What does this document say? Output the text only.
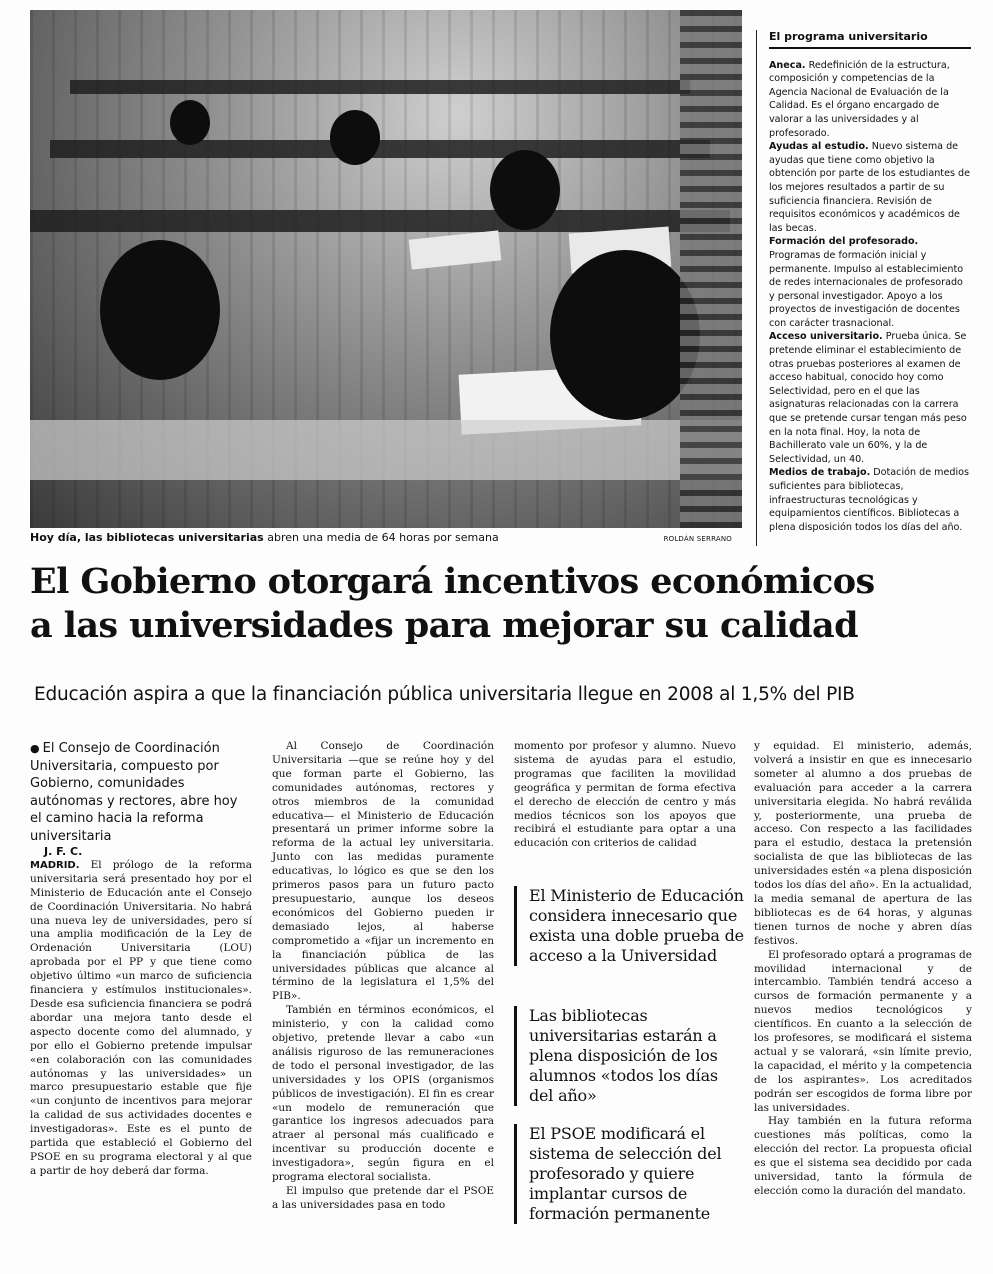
Hoy día, las bibliotecas universitarias abren una media de 64 horas por semana	ROLDÁN SERRANO
El programa universitario

Aneca. Redefinición de la estructura, composición y competencias de la Agencia Nacional de Evaluación de la Calidad. Es el órgano encargado de valorar a las universidades y al profesorado.

Ayudas al estudio. Nuevo sistema de ayudas que tiene como objetivo la obtención por parte de los estudiantes de los mejores resultados a partir de su suficiencia financiera. Revisión de requisitos económicos y académicos de las becas.

Formación del profesorado. Programas de formación inicial y permanente. Impulso al establecimiento de redes internacionales de profesorado y personal investigador. Apoyo a los proyectos de investigación de docentes con carácter trasnacional.

Acceso universitario. Prueba única. Se pretende eliminar el establecimiento de otras pruebas posteriores al examen de acceso habitual, conocido hoy como Selectividad, pero en el que las asignaturas relacionadas con la carrera que se pretende cursar tengan más peso en la nota final. Hoy, la nota de Bachillerato vale un 60%, y la de Selectividad, un 40.

Medios de trabajo. Dotación de medios suficientes para bibliotecas, infraestructuras tecnológicas y equipamientos científicos. Bibliotecas a plena disposición todos los días del año.

El Gobierno otorgará incentivos económicos
a las universidades para mejorar su calidad

Educación aspira a que la financiación pública universitaria llegue en 2008 al 1,5% del PIB

● El Consejo de Coordinación Universitaria, compuesto por Gobierno, comunidades autónomas y rectores, abre hoy el camino hacia la reforma universitaria

J. F. C.

MADRID. El prólogo de la reforma universitaria será presentado hoy por el Ministerio de Educación ante el Consejo de Coordinación Universitaria. No habrá una nueva ley de universidades, pero sí una amplia modificación de la Ley de Ordenación Universitaria (LOU) aprobada por el PP y que tiene como objetivo último «un marco de suficiencia financiera y estímulos institucionales». Desde esa suficiencia financiera se podrá abordar una mejora tanto desde el aspecto docente como del alumnado, y por ello el Gobierno pretende impulsar «en colaboración con las comunidades autónomas y las universidades» un marco presupuestario estable que fije «un conjunto de incentivos para mejorar la calidad de sus actividades docentes e investigadoras». Este es el punto de partida que estableció el Gobierno del PSOE en su programa electoral y al que a partir de hoy deberá dar forma.

Al Consejo de Coordinación Universitaria —que se reúne hoy y del que forman parte el Gobierno, las comunidades autónomas, rectores y otros miembros de la comunidad educativa— el Ministerio de Educación presentará un primer informe sobre la reforma de la actual ley universitaria. Junto con las medidas puramente educativas, lo lógico es que se den los primeros pasos para un futuro pacto presupuestario, aunque los deseos económicos del Gobierno pueden ir demasiado lejos, al haberse comprometido a «fijar un incremento en la financiación pública de las universidades públicas que alcance al término de la legislatura el 1,5% del PIB».

También en términos económicos, el ministerio, y con la calidad como objetivo, pretende llevar a cabo «un análisis riguroso de las remuneraciones de todo el personal investigador, de las universidades y los OPIS (organismos públicos de investigación). El fin es crear «un modelo de remuneración que garantice los ingresos adecuados para atraer al personal más cualificado e incentivar su producción docente e investigadora», según figura en el programa electoral socialista.

El impulso que pretende dar el PSOE a las universidades pasa en todo

momento por profesor y alumno. Nuevo sistema de ayudas para el estudio, programas que faciliten la movilidad geográfica y permitan de forma efectiva el derecho de elección de centro y más medios técnicos son los apoyos que recibirá el estudiante para optar a una educación con criterios de calidad

El Ministerio de Educación considera innecesario que exista una doble prueba de acceso a la Universidad
Las bibliotecas universitarias estarán a plena disposición de los alumnos «todos los días del año»
El PSOE modificará el sistema de selección del profesorado y quiere implantar cursos de formación permanente

y equidad. El ministerio, además, volverá a insistir en que es innecesario someter al alumno a dos pruebas de evaluación para acceder a la carrera universitaria elegida. No habrá reválida y, posteriormente, una prueba de acceso. Con respecto a las facilidades para el estudio, destaca la pretensión socialista de que las bibliotecas de las universidades estén «a plena disposición todos los días del año». En la actualidad, la media semanal de apertura de las bibliotecas es de 64 horas, y algunas tienen turnos de noche y abren días festivos.

El profesorado optará a programas de movilidad internacional y de intercambio. También tendrá acceso a cursos de formación permanente y a nuevos medios tecnológicos y científicos. En cuanto a la selección de los profesores, se modificará el sistema actual y se valorará, «sin límite previo, la capacidad, el mérito y la competencia de los aspirantes». Los acreditados podrán ser escogidos de forma libre por las universidades.

Hay también en la futura reforma cuestiones más políticas, como la elección del rector. La propuesta oficial es que el sistema sea decidido por cada universidad, tanto la fórmula de elección como la duración del mandato.
